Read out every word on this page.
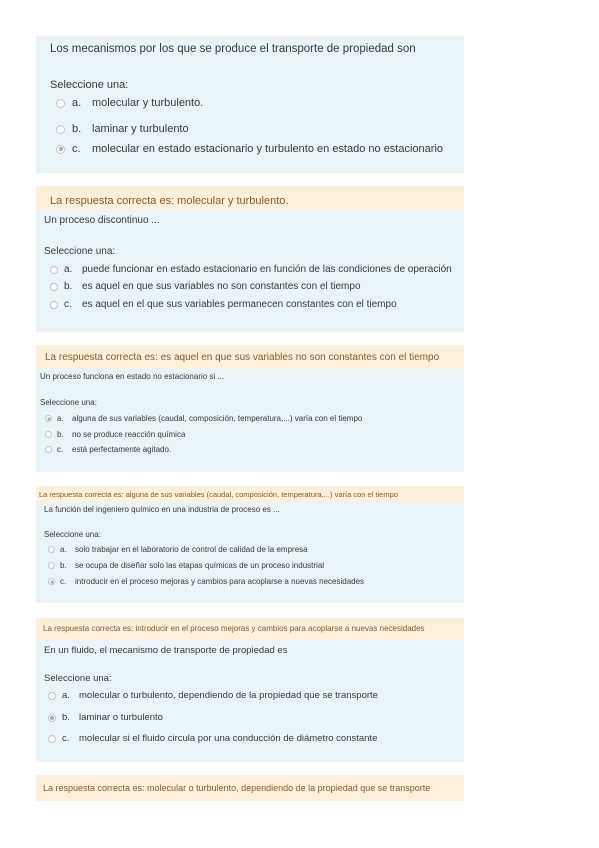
Los mecanismos por los que se produce el transporte de propiedad son
Seleccione una:
a. molecular y turbulento.
b. laminar y turbulento
c.	molecular en estado estacionario y turbulento en estado no estacionario
La respuesta correcta es: molecular y turbulento.
Un proceso discontinuo ...
Seleccione una:
a. puede funcionar en estado estacionario en función de las condiciones de operación
b. es aquel en que sus variables no son constantes con el tiempo
c.	es aquel en el que sus variables permanecen constantes con el tiempo
La respuesta correcta es: es aquel en que sus variables no son constantes con el tiempo
Un proceso funciona en estado no estacionario si ...
Seleccione una:
a.	alguna de sus variables (caudal, composición, temperatura,...) varía con el tiempo
b.	no se produce reacción química
c.	está perfectamente agitado.
La respuesta correcta es: alguna de sus variables (caudal, composición, temperatura,...) varía con el tiempo
La función del ingeniero químico en una industria de proceso es ...
Seleccione una:
a.	solo trabajar en el laboratorio de control de calidad de la empresa
b.	se ocupa de diseñar solo las etapas químicas de un proceso industrial
c.	introducir en el proceso mejoras y cambios para acoplarse a nuevas necesidades
La respuesta correcta es: introducir en el proceso mejoras y cambios para acoplarse a nuevas necesidades
En un fluido, el mecanismo de transporte de propiedad es
Seleccione una:
a. molecular o turbulento, dependiendo de la propiedad que se transporte
b. laminar o turbulento
c.	molecular si el fluido circula por una conducción de diámetro constante
La respuesta correcta es: molecular o turbulento, dependiendo de la propiedad que se transporte
